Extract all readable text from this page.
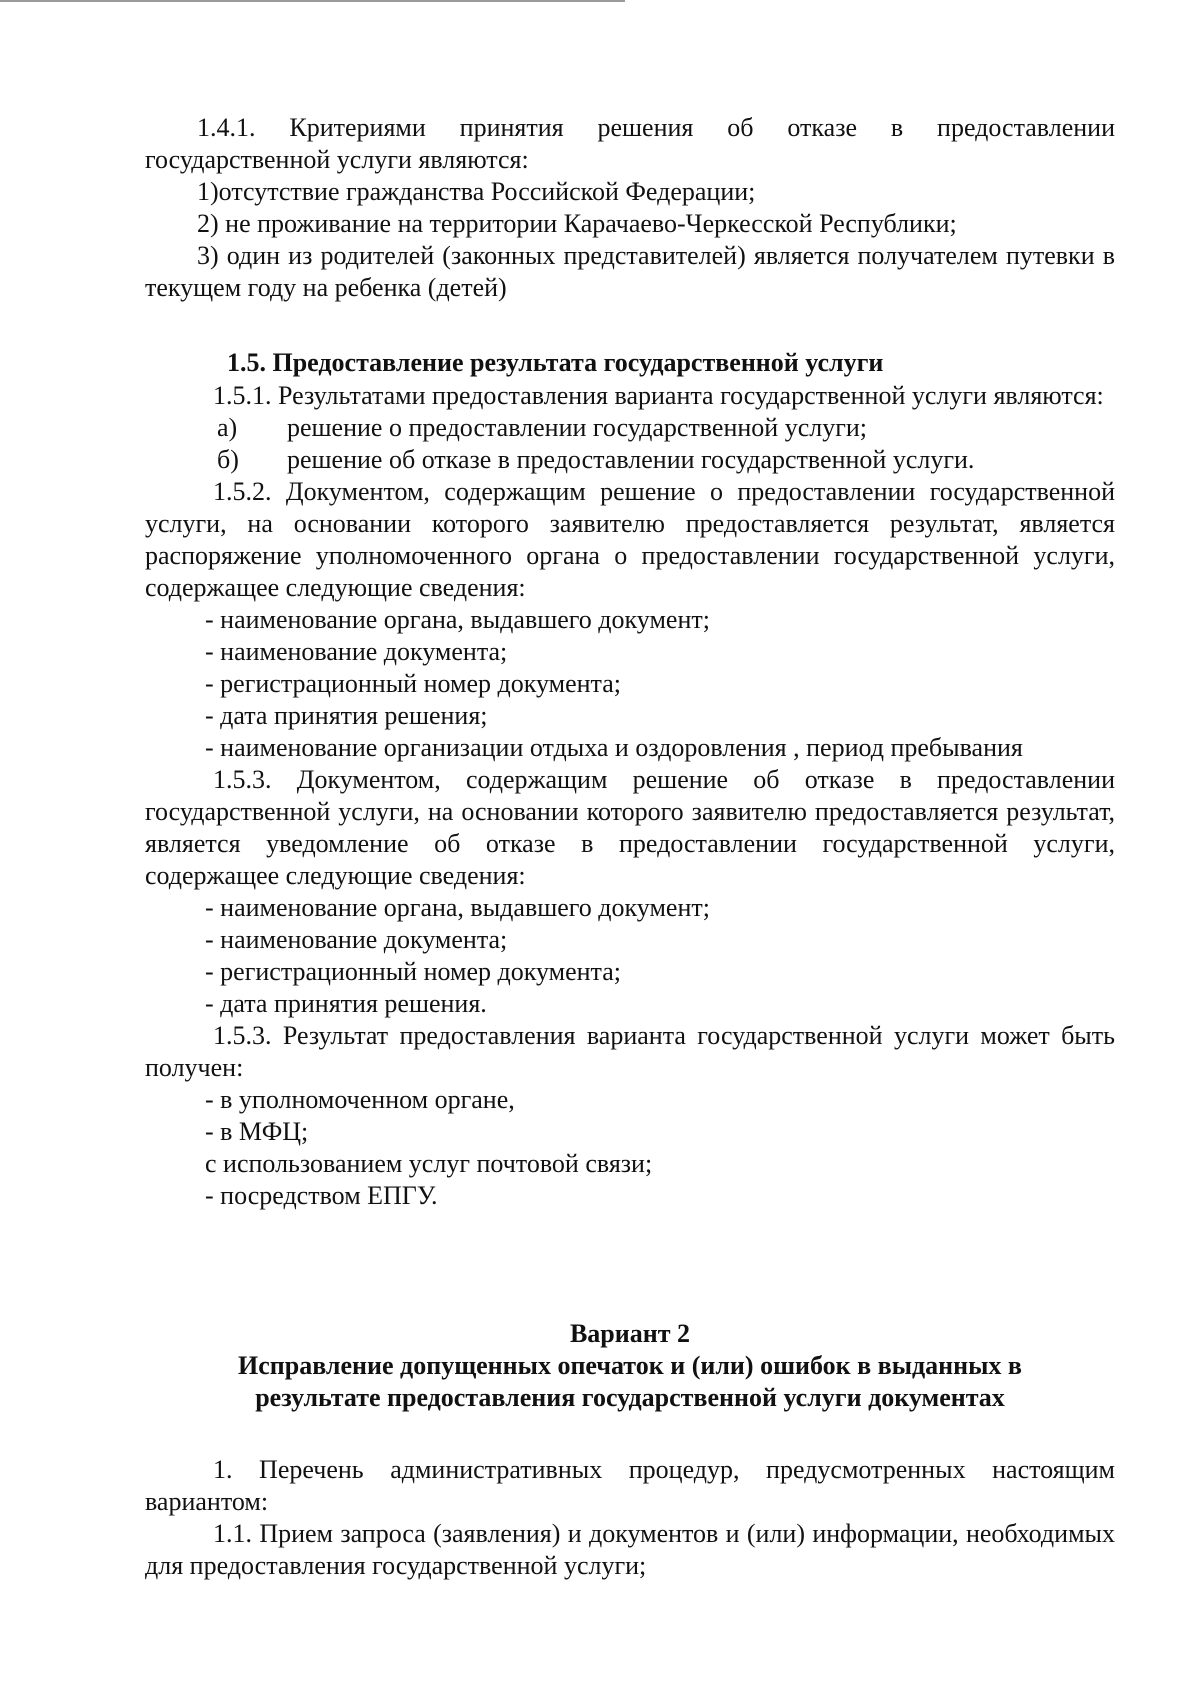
1.4.1. Критериями принятия решения об отказе в предоставлении государственной услуги являются:

1)отсутствие гражданства Российской Федерации;

2) не проживание на территории Карачаево-Черкесской Республики;

3) один из родителей (законных представителей) является получателем путевки в текущем году на ребенка (детей)

1.5. Предоставление результата государственной услуги

1.5.1. Результатами предоставления варианта государственной услуги являются:

а)	решение о предоставлении государственной услуги;
б)	решение об отказе в предоставлении государственной услуги.

1.5.2. Документом, содержащим решение о предоставлении государственной услуги, на основании которого заявителю предоставляется результат, является распоряжение уполномоченного органа о предоставлении государственной услуги, содержащее следующие сведения:

- наименование органа, выдавшего документ;

- наименование документа;

- регистрационный номер документа;

- дата принятия решения;

- наименование организации отдыха и оздоровления , период пребывания

1.5.3. Документом, содержащим решение об отказе в предоставлении государственной услуги, на основании которого заявителю предоставляется результат, является уведомление об отказе в предоставлении государственной услуги, содержащее следующие сведения:

- наименование органа, выдавшего документ;

- наименование документа;

- регистрационный номер документа;

- дата принятия решения.

1.5.3. Результат предоставления варианта государственной услуги может быть получен:

- в уполномоченном органе,

- в МФЦ;

с использованием услуг почтовой связи;

- посредством ЕПГУ.

Вариант 2

Исправление допущенных опечаток и (или) ошибок в выданных в

результате предоставления государственной услуги документах

1. Перечень административных процедур, предусмотренных настоящим вариантом:

1.1. Прием запроса (заявления) и документов и (или) информации, необходимых для предоставления государственной услуги;
